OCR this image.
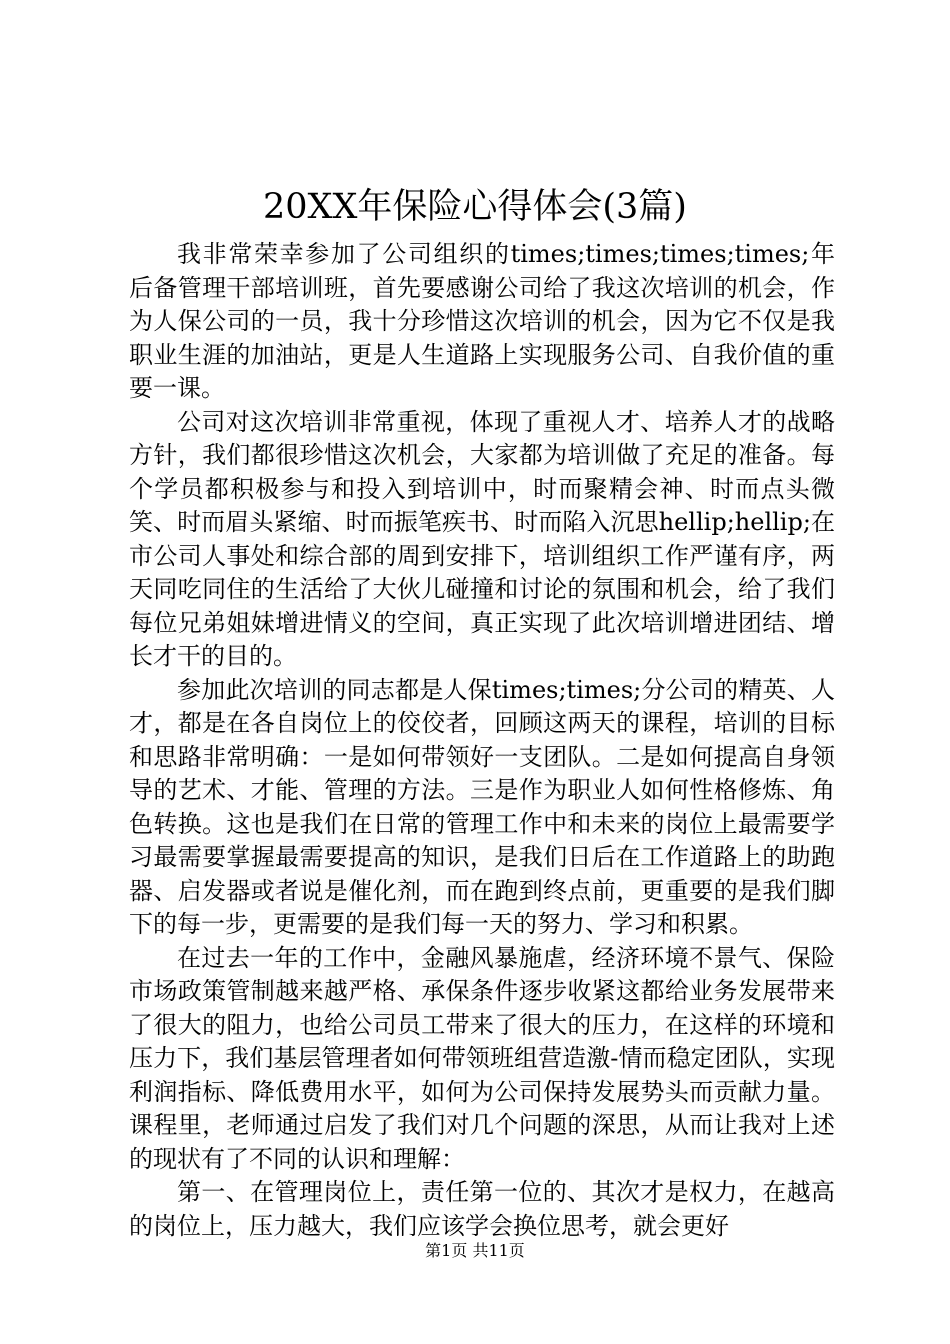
20XX年保险心得体会(3篇)

我非常荣幸参加了公司组织的times;times;times;times;年后备管理干部培训班，首先要感谢公司给了我这次培训的机会，作为人保公司的一员，我十分珍惜这次培训的机会，因为它不仅是我职业生涯的加油站，更是人生道路上实现服务公司、自我价值的重要一课。

公司对这次培训非常重视，体现了重视人才、培养人才的战略方针，我们都很珍惜这次机会，大家都为培训做了充足的准备。每个学员都积极参与和投入到培训中，时而聚精会神、时而点头微笑、时而眉头紧缩、时而振笔疾书、时而陷入沉思hellip;hellip;在市公司人事处和综合部的周到安排下，培训组织工作严谨有序，两天同吃同住的生活给了大伙儿碰撞和讨论的氛围和机会，给了我们每位兄弟姐妹增进情义的空间，真正实现了此次培训增进团结、增长才干的目的。

参加此次培训的同志都是人保times;times;分公司的精英、人才，都是在各自岗位上的佼佼者，回顾这两天的课程，培训的目标和思路非常明确：一是如何带领好一支团队。二是如何提高自身领导的艺术、才能、管理的方法。三是作为职业人如何性格修炼、角色转换。这也是我们在日常的管理工作中和未来的岗位上最需要学习最需要掌握最需要提高的知识，是我们日后在工作道路上的助跑器、启发器或者说是催化剂，而在跑到终点前，更重要的是我们脚下的每一步，更需要的是我们每一天的努力、学习和积累。

在过去一年的工作中，金融风暴施虐，经济环境不景气、保险市场政策管制越来越严格、承保条件逐步收紧这都给业务发展带来了很大的阻力，也给公司员工带来了很大的压力，在这样的环境和压力下，我们基层管理者如何带领班组营造激-情而稳定团队，实现利润指标、降低费用水平，如何为公司保持发展势头而贡献力量。课程里，老师通过启发了我们对几个问题的深思，从而让我对上述的现状有了不同的认识和理解：

第一、在管理岗位上，责任第一位的、其次才是权力，在越高的岗位上，压力越大，我们应该学会换位思考，就会更好

第1页 共11页
